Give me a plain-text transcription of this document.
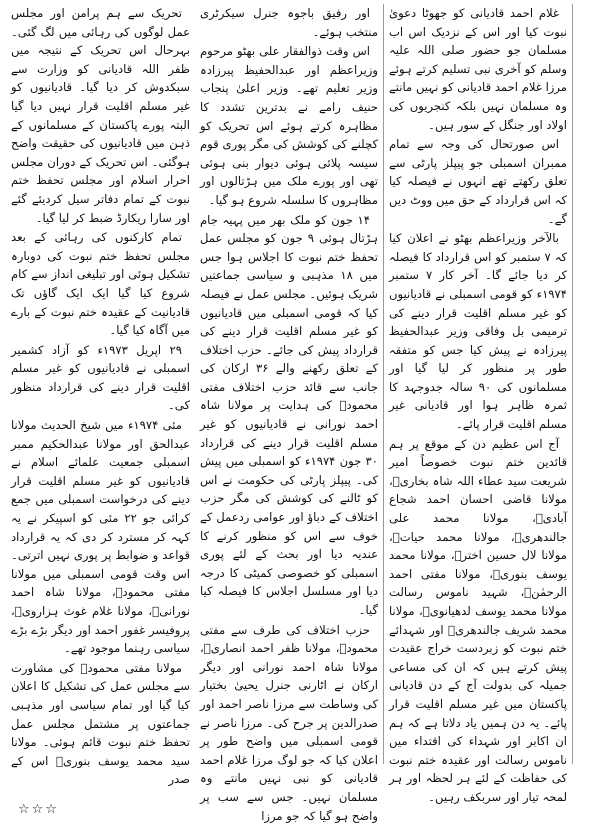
تحریک سے ہم پرامن اور مجلس عمل لوگوں کی رہائی میں لگ گئی۔ بہرحال اس تحریک کے نتیجہ میں ظفر اللہ قادیانی کو وزارت سے سبکدوش کر دیا گیا۔ قادیانیوں کو غیر مسلم اقلیت قرار نہیں دیا گیا البتہ پورے پاکستان کے مسلمانوں کے ذہن میں قادیانیوں کی حقیقت واضح ہوگئی۔ اس تحریک کے دوران مجلس احرار اسلام اور مجلس تحفظ ختم نبوت کے تمام دفاتر سیل کردیئے گئے اور سارا ریکارڈ ضبط کر لیا گیا۔

تمام کارکنوں کی رہائی کے بعد مجلس تحفظ ختم نبوت کی دوبارہ تشکیل ہوئی اور تبلیغی انداز سے کام شروع کیا گیا ایک ایک گاؤں تک قادیانیت کے عقیدہ ختم نبوت کے بارے میں آگاہ کیا گیا۔

۲۹ اپریل ۱۹۷۳ء کو آزاد کشمیر اسمبلی نے قادیانیوں کو غیر مسلم اقلیت قرار دینے کی قرارداد منظور کی۔

مئی ۱۹۷۴ء میں شیخ الحدیث مولانا عبدالحق اور مولانا عبدالحکیم ممبر اسمبلی جمعیت علمائے اسلام نے قادیانیوں کو غیر مسلم اقلیت قرار دینے کی درخواست اسمبلی میں جمع کرائی جو ۲۲ مئی کو اسپیکر نے یہ کہہ کر مسترد کر دی کہ یہ قرارداد قواعد و ضوابط پر پوری نہیں اترتی۔ اس وقت قومی اسمبلی میں مولانا مفتی محمودؒ، مولانا شاہ احمد نورانیؒ، مولانا غلام غوث ہزارویؒ، پروفیسر غفور احمد اور دیگر بڑے بڑے سیاسی رہنما موجود تھے۔

مولانا مفتی محمودؒ کی مشاورت سے مجلس عمل کی تشکیل کا اعلان کیا گیا اور تمام سیاسی اور مذہبی جماعتوں پر مشتمل مجلس عمل تحفظ ختم نبوت قائم ہوئی۔ مولانا سید محمد یوسف بنوریؒ اس کے صدر

اور رفیق باجوہ جنرل سیکرٹری منتخب ہوئے۔

اس وقت ذوالفقار علی بھٹو مرحوم وزیراعظم اور عبدالحفیظ پیرزادہ وزیر تعلیم تھے۔ وزیر اعلیٰ پنجاب حنیف رامے نے بدترین تشدد کا مظاہرہ کرتے ہوئے اس تحریک کو کچلنے کی کوشش کی مگر پوری قوم سیسہ پلائی ہوئی دیوار بنی ہوئی تھی اور پورے ملک میں ہڑتالوں اور مظاہروں کا سلسلہ شروع ہو گیا۔

۱۴ جون کو ملک بھر میں پہیہ جام ہڑتال ہوئی ۹ جون کو مجلس عمل تحفظ ختم نبوت کا اجلاس ہوا جس میں ۱۸ مذہبی و سیاسی جماعتیں شریک ہوئیں۔ مجلس عمل نے فیصلہ کیا کہ قومی اسمبلی میں قادیانیوں کو غیر مسلم اقلیت قرار دینے کی قرارداد پیش کی جائے۔ حزب اختلاف کے تعلق رکھنے والے ۳۶ ارکان کی جانب سے قائد حزب اختلاف مفتی محمودؒ کی ہدایت پر مولانا شاہ احمد نورانی نے قادیانیوں کو غیر مسلم اقلیت قرار دینے کی قرارداد ۳۰ جون ۱۹۷۴ء کو اسمبلی میں پیش کی۔ پیپلز پارٹی کی حکومت نے اس کو ٹالنے کی کوشش کی مگر حزب اختلاف کے دباؤ اور عوامی ردعمل کے خوف سے اس کو منظور کرنے کا عندیہ دیا اور بحث کے لئے پوری اسمبلی کو خصوصی کمیٹی کا درجہ دیا اور مسلسل اجلاس کا فیصلہ کیا گیا۔

حزب اختلاف کی طرف سے مفتی محمودؒ، مولانا ظفر احمد انصاریؒ، مولانا شاہ احمد نورانی اور دیگر ارکان نے اٹارنی جنرل یحییٰ بختیار کی وساطت سے مرزا ناصر احمد اور صدرالدین پر جرح کی۔ مرزا ناصر نے قومی اسمبلی میں واضح طور پر اعلان کیا کہ جو لوگ مرزا غلام احمد قادیانی کو نبی نہیں مانتے وہ مسلمان نہیں۔ جس سے سب پر واضح ہو گیا کہ جو مرزا

غلام احمد قادیانی کو جھوٹا دعویٰ نبوت کیا اور اس کے نزدیک اس اب مسلمان جو حضور صلی اللہ علیہ وسلم کو آخری نبی تسلیم کرتے ہوئے مرزا غلام احمد قادیانی کو نہیں مانتے وہ مسلمان نہیں بلکہ کنجریوں کی اولاد اور جنگل کے سور ہیں۔

اس صورتحال کی وجہ سے تمام ممبران اسمبلی جو پیپلز پارٹی سے تعلق رکھتے تھے انہوں نے فیصلہ کیا کہ اس قرارداد کے حق میں ووٹ دیں گے۔

بالآخر وزیراعظم بھٹو نے اعلان کیا کہ ۷ ستمبر کو اس قرارداد کا فیصلہ کر دیا جائے گا۔ آخر کار ۷ ستمبر ۱۹۷۴ء کو قومی اسمبلی نے قادیانیوں کو غیر مسلم اقلیت قرار دینے کی ترمیمی بل وفاقی وزیر عبدالحفیظ پیرزادہ نے پیش کیا جس کو متفقہ طور پر منظور کر لیا گیا اور مسلمانوں کی ۹۰ سالہ جدوجہد کا ثمرہ ظاہر ہوا اور قادیانی غیر مسلم اقلیت قرار پائے۔

آج اس عظیم دن کے موقع پر ہم قائدین ختم نبوت خصوصاً امیر شریعت سید عطاء اللہ شاہ بخاریؒ، مولانا قاضی احسان احمد شجاع آبادیؒ، مولانا محمد علی جالندھریؒ، مولانا محمد حیاتؒ، مولانا لال حسین اخترؒ، مولانا محمد یوسف بنوریؒ، مولانا مفتی احمد الرحمٰنؒ، شہید ناموس رسالت مولانا محمد یوسف لدھیانویؒ، مولانا محمد شریف جالندھریؒ اور شہدائے ختم نبوت کو زبردست خراج عقیدت پیش کرتے ہیں کہ ان کی مساعی جمیلہ کی بدولت آج کے دن قادیانی پاکستان میں غیر مسلم اقلیت قرار پائے۔ یہ دن ہمیں یاد دلاتا ہے کہ ہم ان اکابر اور شہداء کی اقتداء میں ناموس رسالت اور عقیدہ ختم نبوت کی حفاظت کے لئے ہر لحظہ اور ہر لمحہ تیار اور سربکف رہیں۔

☆☆☆
